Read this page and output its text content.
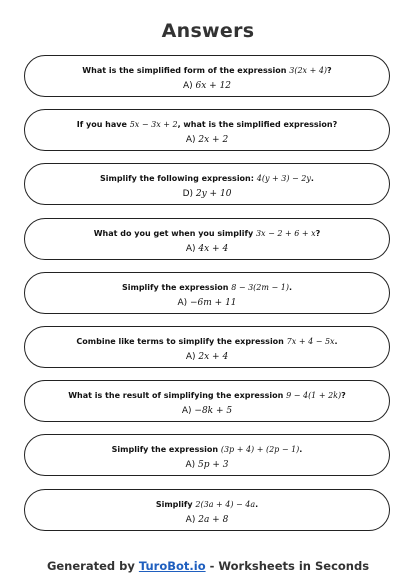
Answers
What is the simplified form of the expression 3(2x + 4)?
A) 6x + 12
If you have 5x − 3x + 2, what is the simplified expression?
A) 2x + 2
Simplify the following expression: 4(y + 3) − 2y.
D) 2y + 10
What do you get when you simplify 3x − 2 + 6 + x?
A) 4x + 4
Simplify the expression 8 − 3(2m − 1).
A) −6m + 11
Combine like terms to simplify the expression 7x + 4 − 5x.
A) 2x + 4
What is the result of simplifying the expression 9 − 4(1 + 2k)?
A) −8k + 5
Simplify the expression (3p + 4) + (2p − 1).
A) 5p + 3
Simplify 2(3a + 4) − 4a.
A) 2a + 8
Generated by TuroBot.io - Worksheets in Seconds
